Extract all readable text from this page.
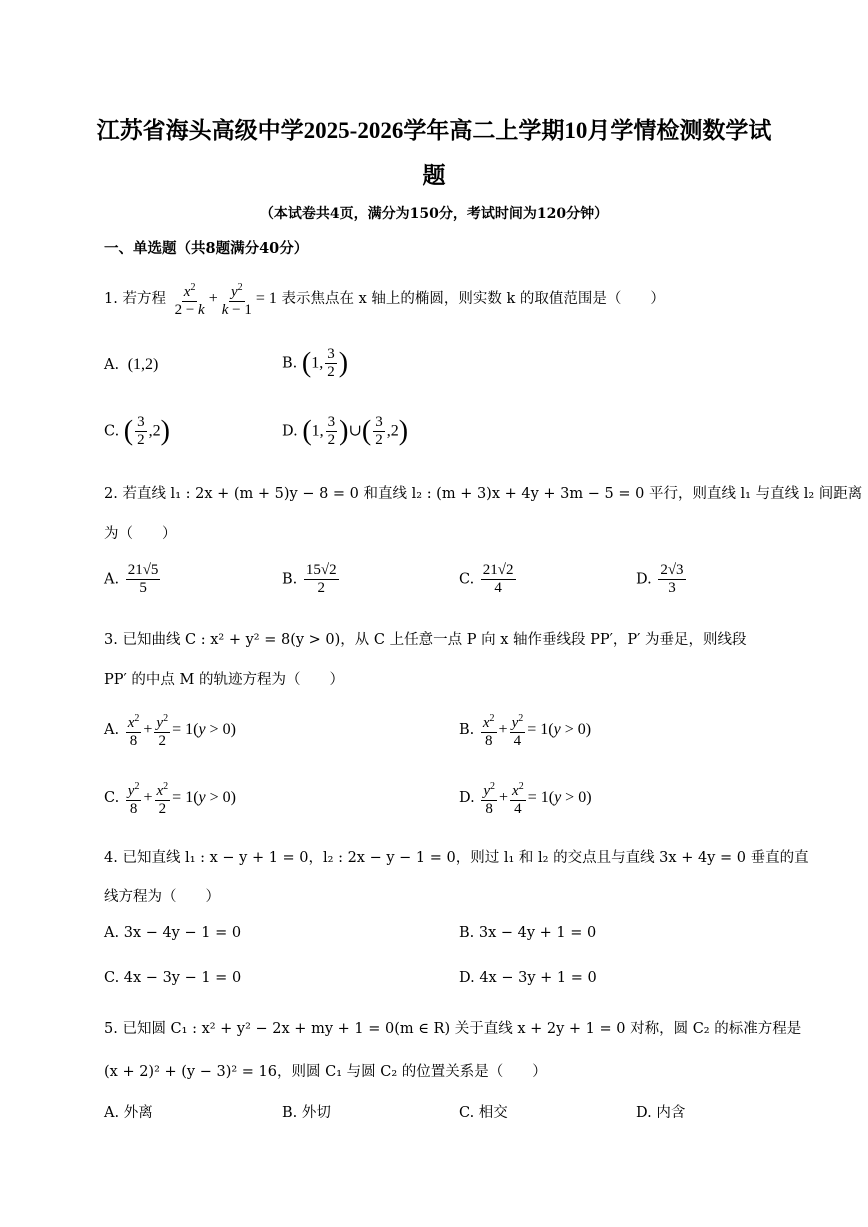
江苏省海头高级中学2025-2026学年高二上学期10月学情检测数学试
题
（本试卷共4页，满分为150分，考试时间为120分钟）
一、单选题（共8题满分40分）
1. 若方程 $\frac{x^2}{2 - k} + \frac{y^2}{k - 1} = 1$ 表示焦点在 x 轴上的椭圆，则实数 k 的取值范围是（　　）
A.  (1,2)	B. (1, $\frac{3}{2}$ )
C. ( $\frac{3}{2} ,2$)	D. (1, $\frac{3}{2}$ )∪( $\frac{3}{2} ,2$)
2. 若直线 l₁ : 2x + (m + 5)y − 8 = 0 和直线 l₂ : (m + 3)x + 4y + 3m − 5 = 0 平行，则直线 l₁ 与直线 l₂ 间距离
为（　　）
A. $\frac{21√5}{5}$	B. $\frac{15√2}{2}$	C. $\frac{21√2}{4}$	D. $\frac{2√3}{3}$
3. 已知曲线 C : x² + y² = 8(y > 0)，从 C 上任意一点 P 向 x 轴作垂线段 PP′，P′ 为垂足，则线段
PP′ 的中点 M 的轨迹方程为（　　）
A. $\frac{x^2}{8} + \frac{y^2}{2} = 1(y > 0)$	B. $\frac{x^2}{8} + \frac{y^2}{4} = 1(y > 0)$
C. $\frac{y^2}{8} + \frac{x^2}{2} = 1(y > 0)$	D. $\frac{y^2}{8} + \frac{x^2}{4} = 1(y > 0)$
4. 已知直线 l₁ : x − y + 1 = 0，l₂ : 2x − y − 1 = 0，则过 l₁ 和 l₂ 的交点且与直线 3x + 4y = 0 垂直的直
线方程为（　　）
A. 3x − 4y − 1 = 0	B. 3x − 4y + 1 = 0
C. 4x − 3y − 1 = 0	D. 4x − 3y + 1 = 0
5. 已知圆 C₁ : x² + y² − 2x + my + 1 = 0(m ∈ R) 关于直线 x + 2y + 1 = 0 对称，圆 C₂ 的标准方程是
(x + 2)² + (y − 3)² = 16，则圆 C₁ 与圆 C₂ 的位置关系是（　　）
A. 外离	B. 外切	C. 相交	D. 内含
